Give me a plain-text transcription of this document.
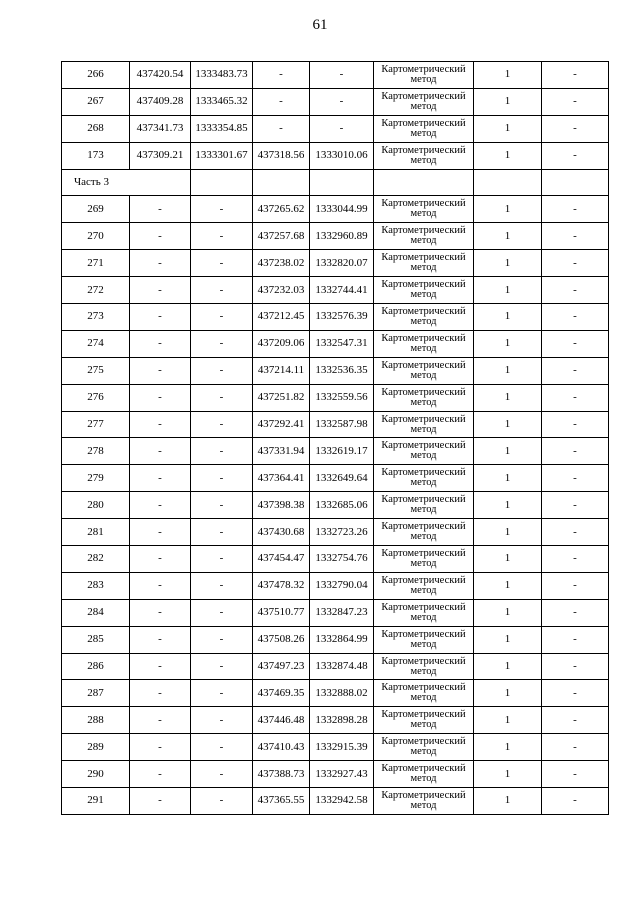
61
266	437420.54	1333483.73	-	-	Картометрический метод	1	-
267	437409.28	1333465.32	-	-	Картометрический метод	1	-
268	437341.73	1333354.85	-	-	Картометрический метод	1	-
173	437309.21	1333301.67	437318.56	1333010.06	Картометрический метод	1	-
Часть 3							
269	-	-	437265.62	1333044.99	Картометрический метод	1	-
270	-	-	437257.68	1332960.89	Картометрический метод	1	-
271	-	-	437238.02	1332820.07	Картометрический метод	1	-
272	-	-	437232.03	1332744.41	Картометрический метод	1	-
273	-	-	437212.45	1332576.39	Картометрический метод	1	-
274	-	-	437209.06	1332547.31	Картометрический метод	1	-
275	-	-	437214.11	1332536.35	Картометрический метод	1	-
276	-	-	437251.82	1332559.56	Картометрический метод	1	-
277	-	-	437292.41	1332587.98	Картометрический метод	1	-
278	-	-	437331.94	1332619.17	Картометрический метод	1	-
279	-	-	437364.41	1332649.64	Картометрический метод	1	-
280	-	-	437398.38	1332685.06	Картометрический метод	1	-
281	-	-	437430.68	1332723.26	Картометрический метод	1	-
282	-	-	437454.47	1332754.76	Картометрический метод	1	-
283	-	-	437478.32	1332790.04	Картометрический метод	1	-
284	-	-	437510.77	1332847.23	Картометрический метод	1	-
285	-	-	437508.26	1332864.99	Картометрический метод	1	-
286	-	-	437497.23	1332874.48	Картометрический метод	1	-
287	-	-	437469.35	1332888.02	Картометрический метод	1	-
288	-	-	437446.48	1332898.28	Картометрический метод	1	-
289	-	-	437410.43	1332915.39	Картометрический метод	1	-
290	-	-	437388.73	1332927.43	Картометрический метод	1	-
291	-	-	437365.55	1332942.58	Картометрический метод	1	-
